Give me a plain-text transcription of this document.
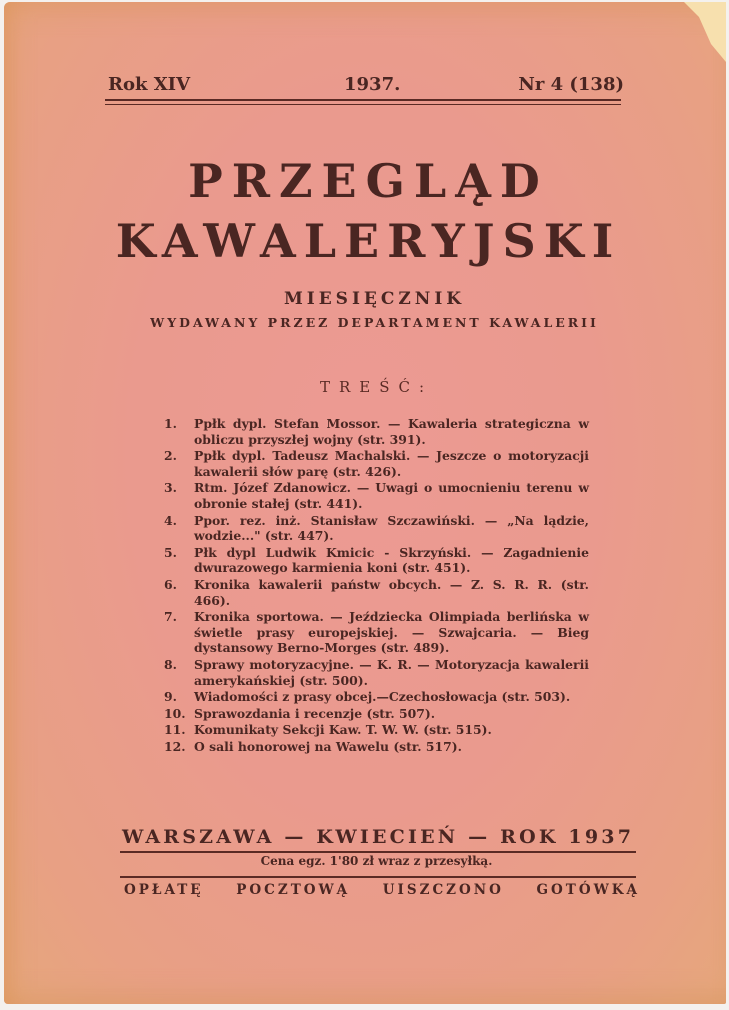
Rok XIV	1937.	Nr 4 (138)
PRZEGLĄD
KAWALERYJSKI
MIESIĘCZNIK
WYDAWANY PRZEZ DEPARTAMENT KAWALERII
TREŚĆ:
1.	Ppłk dypl. Stefan Mossor. — Kawaleria strategiczna w obliczu przyszłej wojny (str. 391).
2.	Ppłk dypl. Tadeusz Machalski. — Jeszcze o motoryzacji kawalerii słów parę (str. 426).
3.	Rtm. Józef Zdanowicz. — Uwagi o umocnieniu terenu w obronie stałej (str. 441).
4.	Ppor. rez. inż. Stanisław Szczawiński. — „Na lądzie, wodzie..." (str. 447).
5.	Płk dypl Ludwik Kmicic - Skrzyński. — Zagadnienie dwurazowego karmienia koni (str. 451).
6.	Kronika kawalerii państw obcych. — Z. S. R. R. (str. 466).
7.	Kronika sportowa. — Jeździecka Olimpiada berlińska w świetle prasy europejskiej. — Szwajcaria. — Bieg dystansowy Berno-Morges (str. 489).
8.	Sprawy motoryzacyjne. — K. R. — Motoryzacja kawalerii amerykańskiej (str. 500).
9.	Wiadomości z prasy obcej.—Czechosłowacja (str. 503).
10. Sprawozdania i recenzje (str. 507).
11. Komunikaty Sekcji Kaw. T. W. W. (str. 515).
12. O sali honorowej na Wawelu (str. 517).
WARSZAWA — KWIECIEŃ — ROK 1937
Cena egz. 1'80 zł wraz z przesyłką.
OPŁATĘ POCZTOWĄ UISZCZONO GOTÓWKĄ
